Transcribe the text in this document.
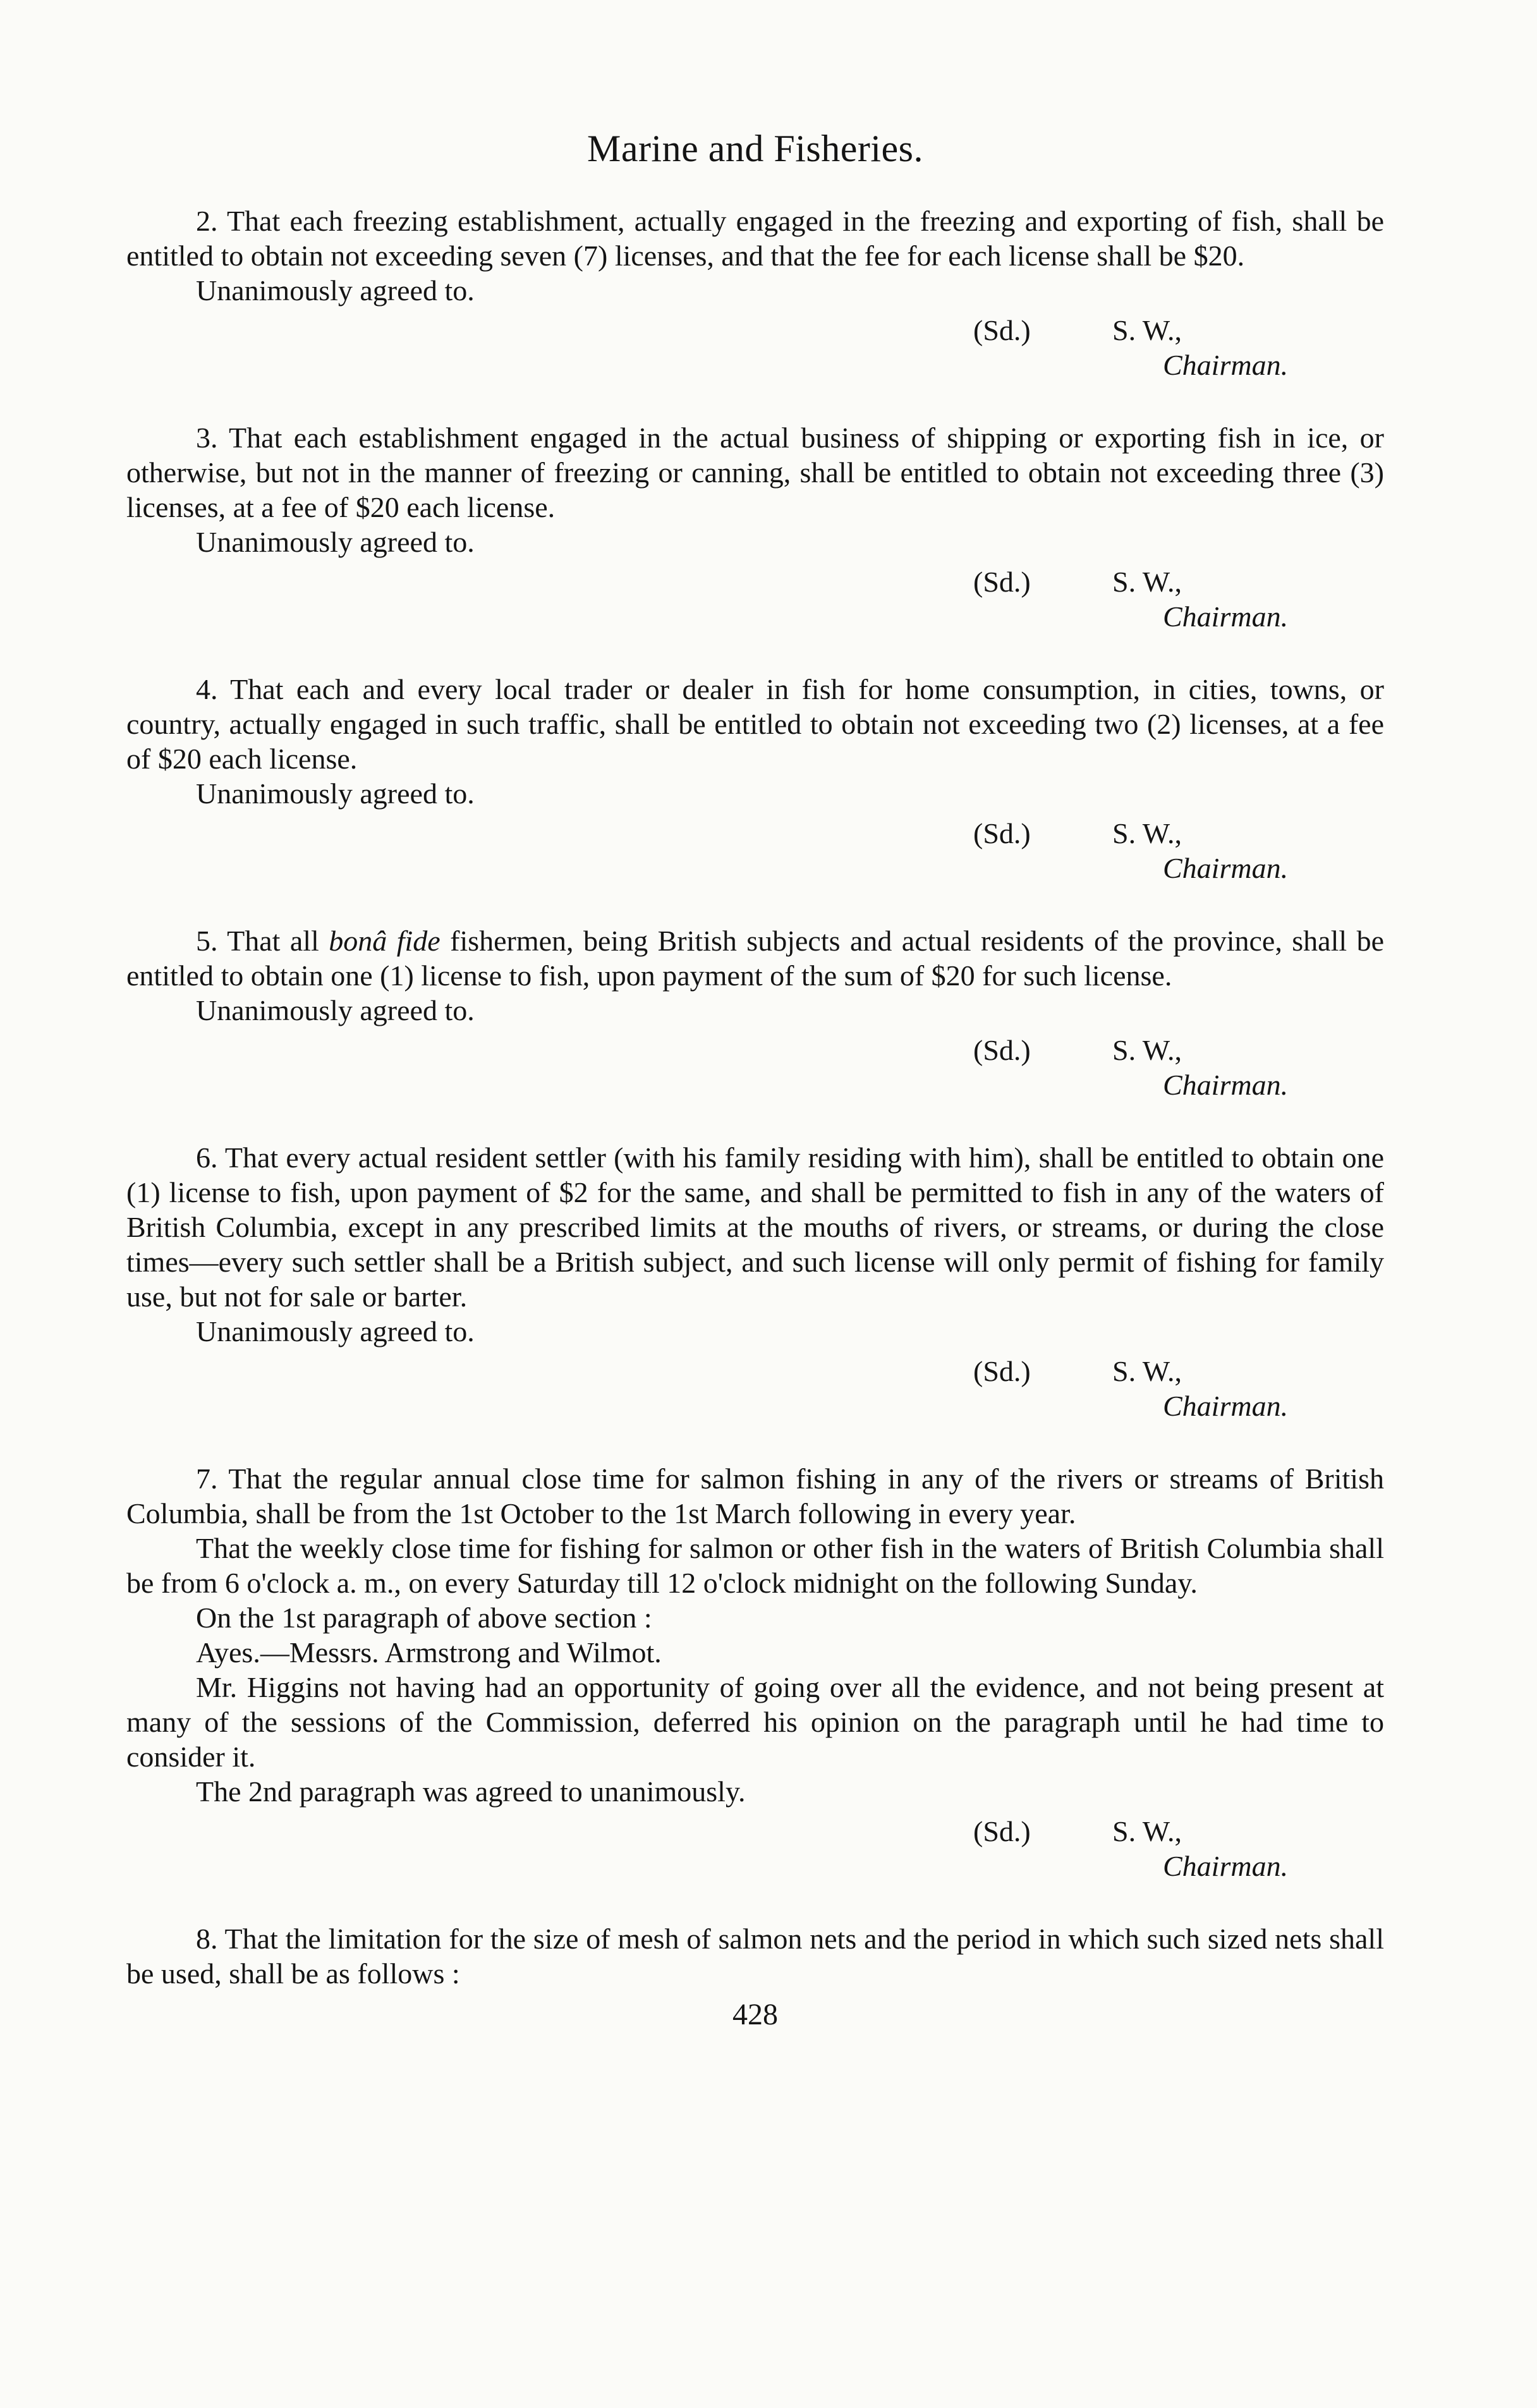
Marine and Fisheries.

2. That each freezing establishment, actually engaged in the freezing and exporting of fish, shall be entitled to obtain not exceeding seven (7) licenses, and that the fee for each license shall be $20.

Unanimously agreed to.

(Sd.)	S. W.,
Chairman.

3. That each establishment engaged in the actual business of shipping or exporting fish in ice, or otherwise, but not in the manner of freezing or canning, shall be entitled to obtain not exceeding three (3) licenses, at a fee of $20 each license.

Unanimously agreed to.

(Sd.)	S. W.,
Chairman.

4. That each and every local trader or dealer in fish for home consumption, in cities, towns, or country, actually engaged in such traffic, shall be entitled to obtain not exceeding two (2) licenses, at a fee of $20 each license.

Unanimously agreed to.

(Sd.)	S. W.,
Chairman.

5. That all bonâ fide fishermen, being British subjects and actual residents of the province, shall be entitled to obtain one (1) license to fish, upon payment of the sum of $20 for such license.

Unanimously agreed to.

(Sd.)	S. W.,
Chairman.

6. That every actual resident settler (with his family residing with him), shall be entitled to obtain one (1) license to fish, upon payment of $2 for the same, and shall be permitted to fish in any of the waters of British Columbia, except in any prescribed limits at the mouths of rivers, or streams, or during the close times—every such settler shall be a British subject, and such license will only permit of fishing for family use, but not for sale or barter.

Unanimously agreed to.

(Sd.)	S. W.,
Chairman.

7. That the regular annual close time for salmon fishing in any of the rivers or streams of British Columbia, shall be from the 1st October to the 1st March following in every year.

That the weekly close time for fishing for salmon or other fish in the waters of British Columbia shall be from 6 o'clock a. m., on every Saturday till 12 o'clock midnight on the following Sunday.

On the 1st paragraph of above section :

Ayes.—Messrs. Armstrong and Wilmot.

Mr. Higgins not having had an opportunity of going over all the evidence, and not being present at many of the sessions of the Commission, deferred his opinion on the paragraph until he had time to consider it.

The 2nd paragraph was agreed to unanimously.

(Sd.)	S. W.,
Chairman.

8. That the limitation for the size of mesh of salmon nets and the period in which such sized nets shall be used, shall be as follows :

428
